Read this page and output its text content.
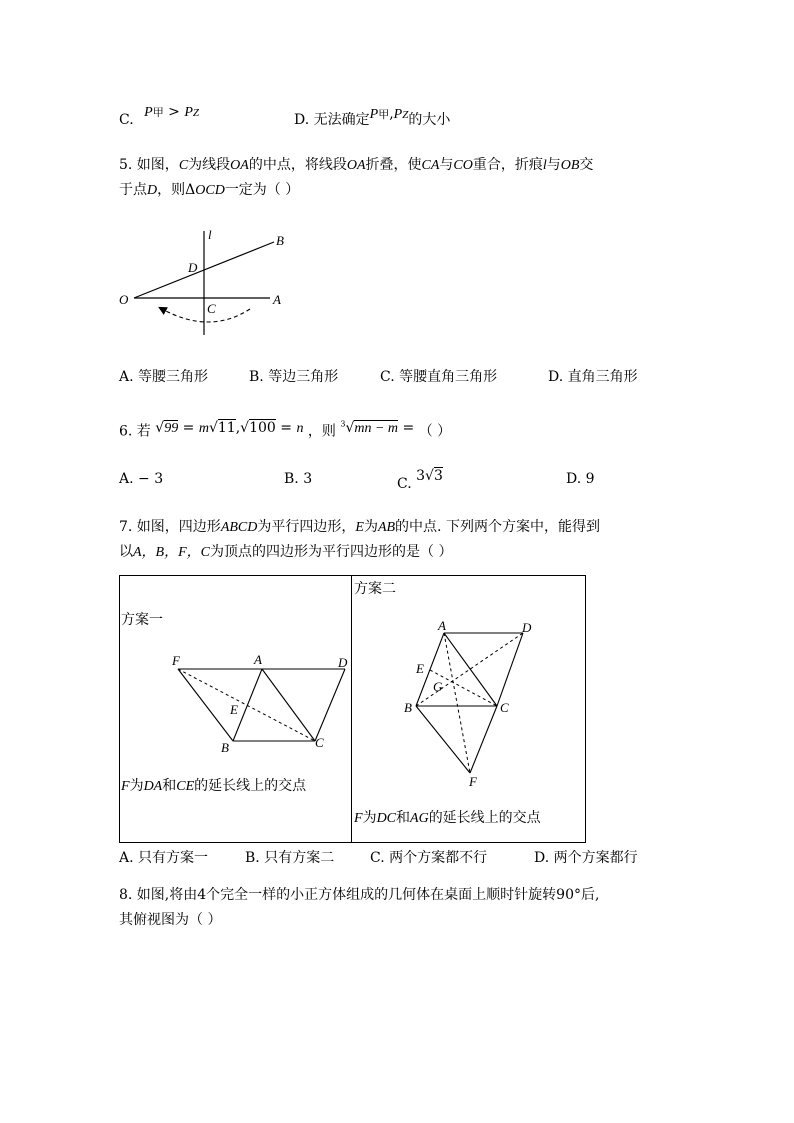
C. P甲 > PZ	D. 无法确定P甲,PZ的大小
5. 如图，C为线段OA的中点，将线段OA折叠，使CA与CO重合，折痕l与OB交
于点D，则ΔOCD一定为（ ）
l	B
D
O
C
A
A. 等腰三角形	B. 等边三角形	C. 等腰直角三角形	D. 直角三角形
6. 若 √99 = m√11,√100 = n ，则 $^3$√mn − m = （ ）
A. − 3	B. 3	C. 3√3	D. 9
7. 如图，四边形ABCD为平行四边形，E为AB的中点. 下列两个方案中，能得到
以A，B，F，C为顶点的四边形为平行四边形的是（ ）
方案一
F为DA和CE的延长线上的交点
方案二
F为DC和AG的延长线上的交点
F	A	D
E
B	C
A	D
E
G
B	C
F
A. 只有方案一	B. 只有方案二	C. 两个方案都不行	D. 两个方案都行
8. 如图,将由4个完全一样的小正方体组成的几何体在桌面上顺时针旋转90°后,
其俯视图为（ ）
